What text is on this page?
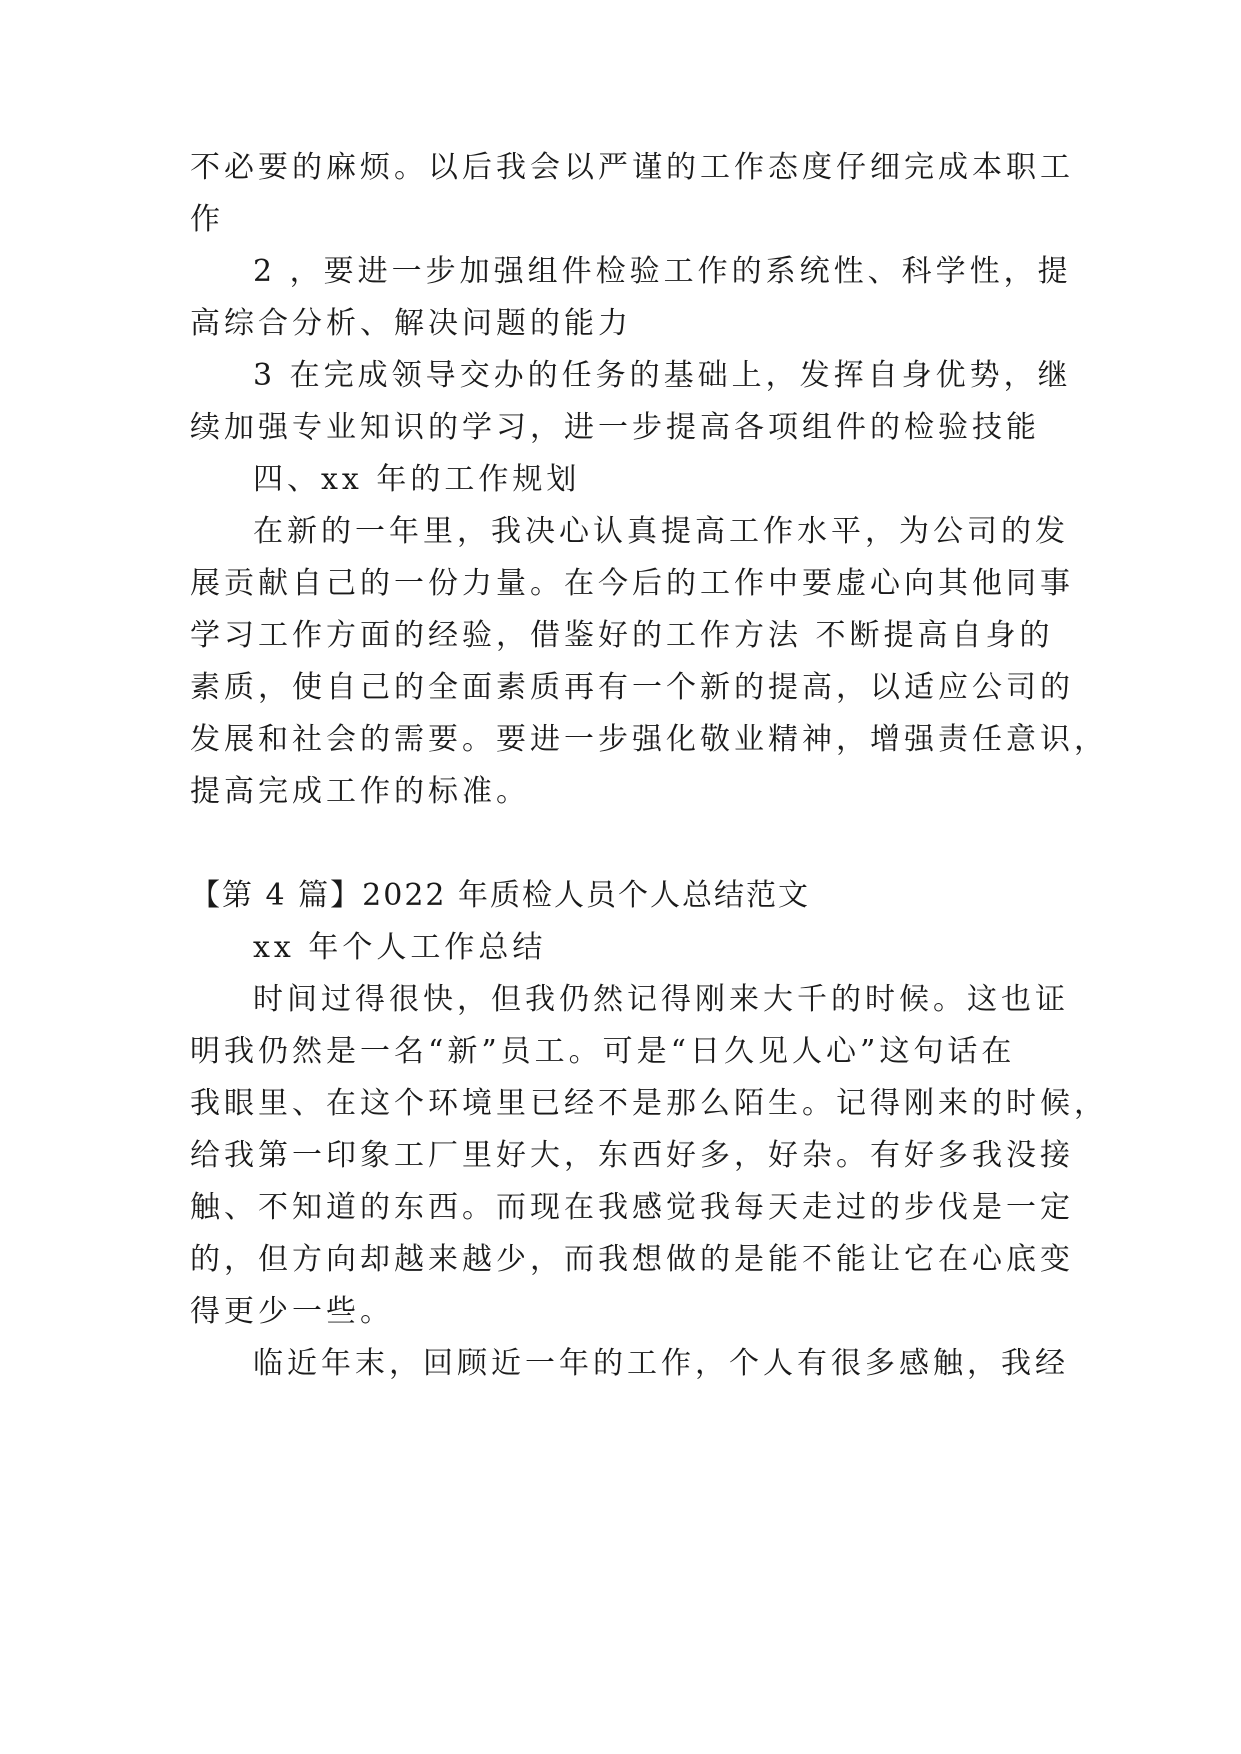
不必要的麻烦。以后我会以严谨的工作态度仔细完成本职工
作
2 ，要进一步加强组件检验工作的系统性、科学性，提
高综合分析、解决问题的能力
3 在完成领导交办的任务的基础上，发挥自身优势，继
续加强专业知识的学习，进一步提高各项组件的检验技能
四、xx 年的工作规划
在新的一年里，我决心认真提高工作水平，为公司的发
展贡献自己的一份力量。在今后的工作中要虚心向其他同事
学习工作方面的经验，借鉴好的工作方法 不断提高自身的
素质，使自己的全面素质再有一个新的提高，以适应公司的
发展和社会的需要。要进一步强化敬业精神，增强责任意识，
提高完成工作的标准。
【第 4 篇】2022 年质检人员个人总结范文
xx 年个人工作总结
时间过得很快，但我仍然记得刚来大千的时候。这也证
明我仍然是一名“新”员工。可是“日久见人心”这句话在
我眼里、在这个环境里已经不是那么陌生。记得刚来的时候，
给我第一印象工厂里好大，东西好多，好杂。有好多我没接
触、不知道的东西。而现在我感觉我每天走过的步伐是一定
的，但方向却越来越少，而我想做的是能不能让它在心底变
得更少一些。
临近年末，回顾近一年的工作，个人有很多感触，我经
